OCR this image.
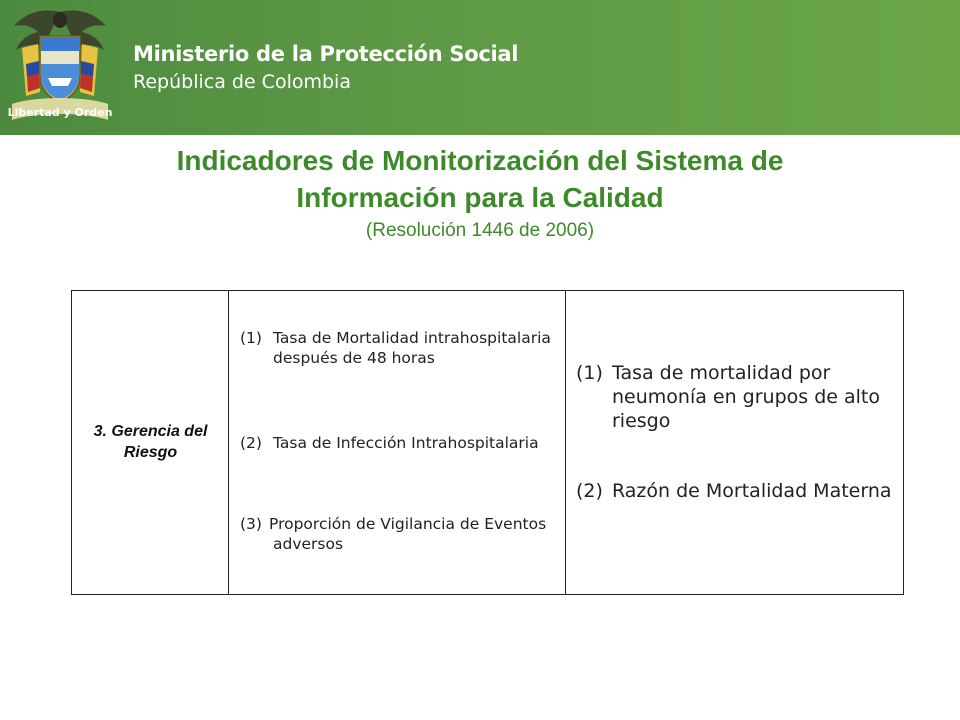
Libertad y Orden
Ministerio de la Protección Social
República de Colombia
Indicadores de Monitorización del Sistema de
Información para la Calidad
(Resolución 1446 de 2006)
3. Gerencia del Riesgo
(1) Tasa de Mortalidad intrahospitalaria después de 48 horas
(2) Tasa de Infección Intrahospitalaria
(3) Proporción de Vigilancia de Eventos adversos
(1) Tasa de mortalidad por neumonía en grupos de alto riesgo
(2) Razón de Mortalidad Materna
